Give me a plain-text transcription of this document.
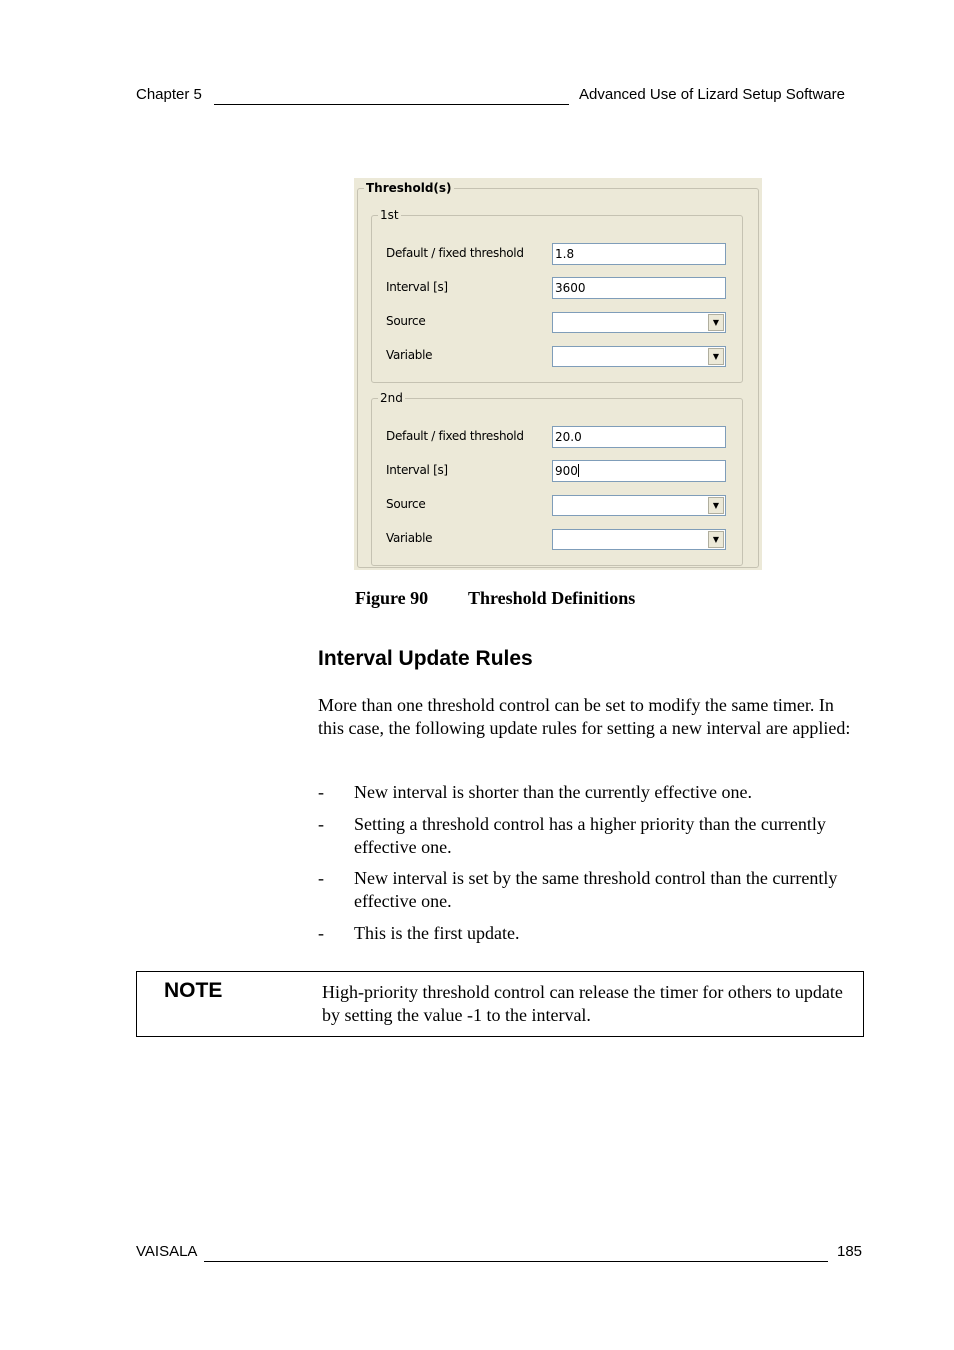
Chapter 5	Advanced Use of Lizard Setup Software
Threshold(s)
1st
Default / fixed threshold	1.8
Interval [s]	3600
Source	▼
Variable	▼
2nd
Default / fixed threshold	20.0
Interval [s]	900
Source	▼
Variable	▼
Figure 90 Threshold Definitions
Interval Update Rules
More than one threshold control can be set to modify the same timer. In this case, the following update rules for setting a new interval are applied:
- New interval is shorter than the currently effective one.
- Setting a threshold control has a higher priority than the currently effective one.
- New interval is set by the same threshold control than the currently effective one.
- This is the first update.
NOTE	High-priority threshold control can release the timer for others to update by setting the value -1 to the interval.
VAISALA	185
